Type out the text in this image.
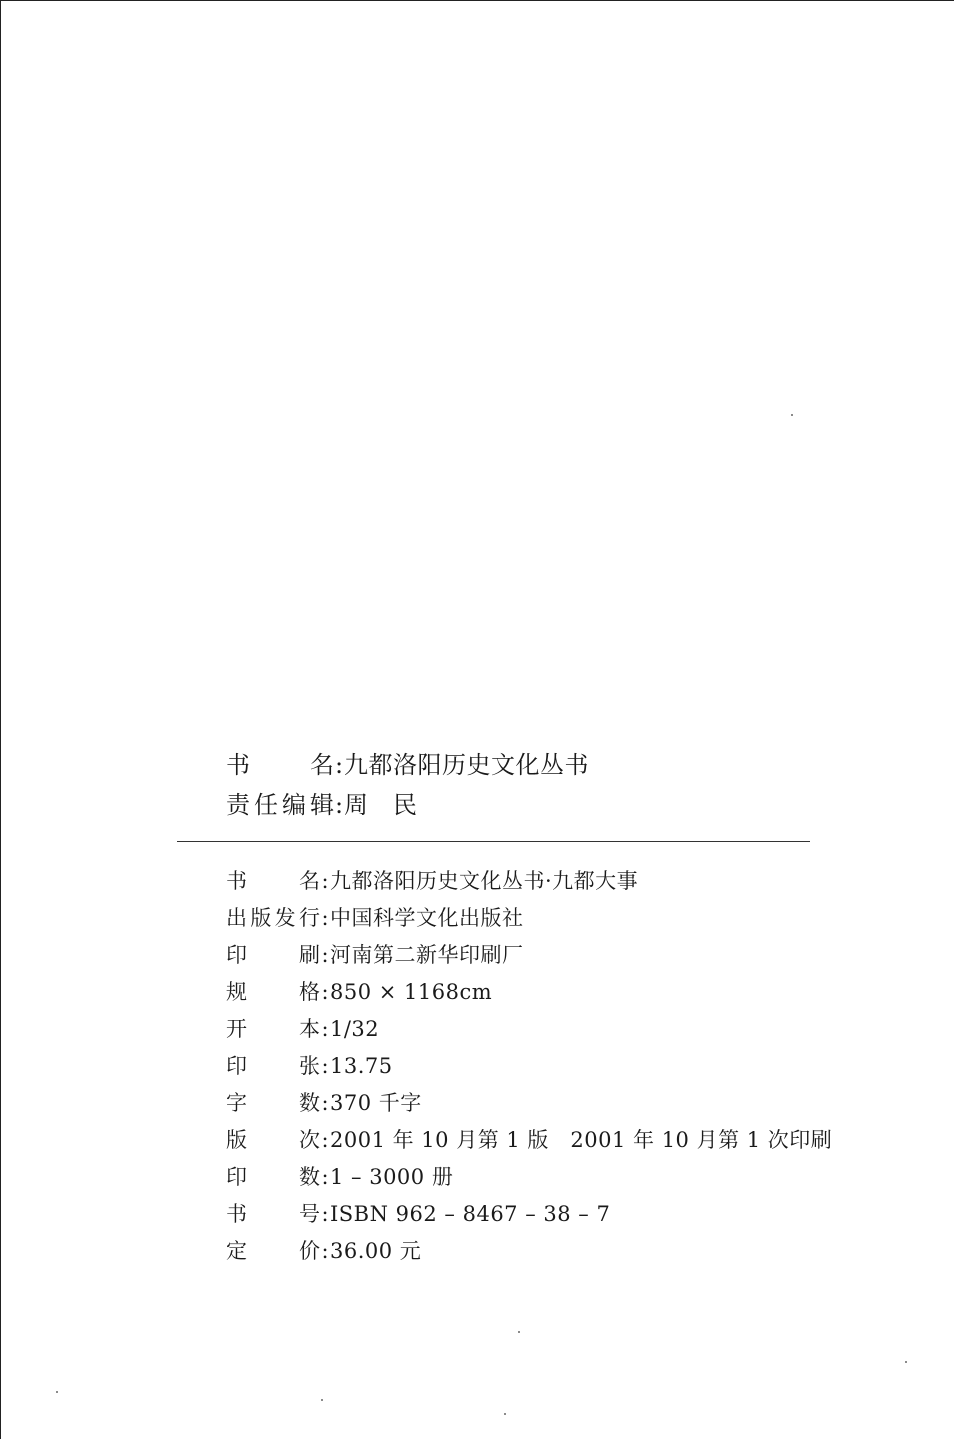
书	名 : 九都洛阳历史文化丛书
责 任 编 辑 : 周　民
书 名 : 九都洛阳历史文化丛书·九都大事
出 版 发 行 : 中国科学文化出版社
印 刷 : 河南第二新华印刷厂
规 格 : 850 × 1168cm
开 本 : 1/32
印 张 : 13.75
字 数 : 370 千字
版 次 : 2001 年 10 月第 1 版　2001 年 10 月第 1 次印刷
印 数 : 1 – 3000 册
书 号 : ISBN 962 – 8467 – 38 – 7
定 价 : 36.00 元
